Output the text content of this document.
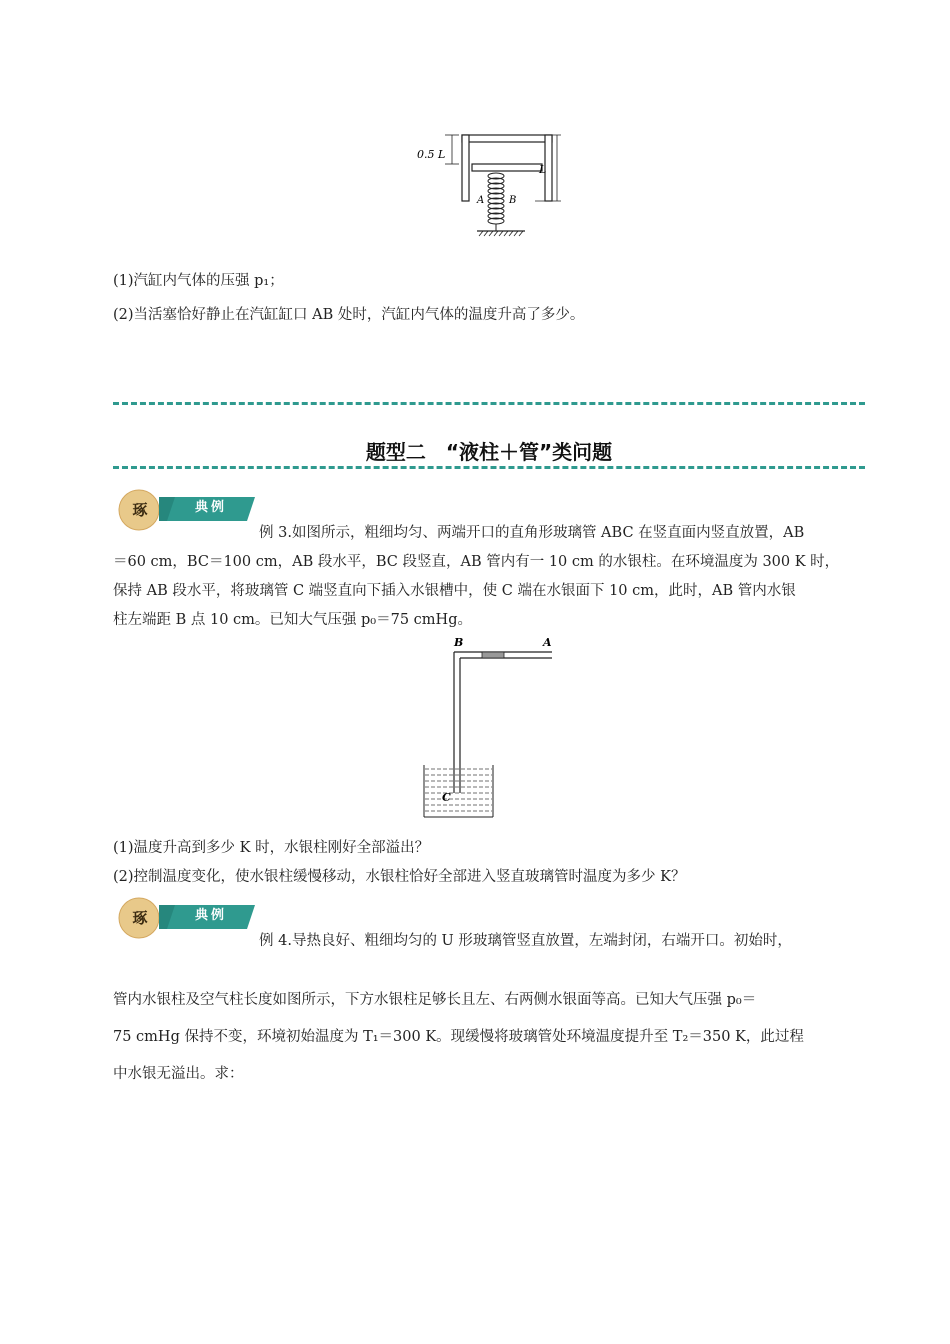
0.5 L
L
A B
(1)汽缸内气体的压强 p₁；
(2)当活塞恰好静止在汽缸缸口 AB 处时，汽缸内气体的温度升高了多少。
题型二　“液柱＋管”类问题
琢	典例
例 3.如图所示，粗细均匀、两端开口的直角形玻璃管 ABC 在竖直面内竖直放置，AB
＝60 cm，BC＝100 cm，AB 段水平，BC 段竖直，AB 管内有一 10 cm 的水银柱。在环境温度为 300 K 时，
保持 AB 段水平，将玻璃管 C 端竖直向下插入水银槽中，使 C 端在水银面下 10 cm，此时，AB 管内水银
柱左端距 B 点 10 cm。已知大气压强 p₀＝75 cmHg。
B	A
C
(1)温度升高到多少 K 时，水银柱刚好全部溢出？
(2)控制温度变化，使水银柱缓慢移动，水银柱恰好全部进入竖直玻璃管时温度为多少 K？
琢	典例
例 4.导热良好、粗细均匀的 U 形玻璃管竖直放置，左端封闭，右端开口。初始时，
管内水银柱及空气柱长度如图所示，下方水银柱足够长且左、右两侧水银面等高。已知大气压强 p₀＝
75 cmHg 保持不变，环境初始温度为 T₁＝300 K。现缓慢将玻璃管处环境温度提升至 T₂＝350 K，此过程
中水银无溢出。求：
